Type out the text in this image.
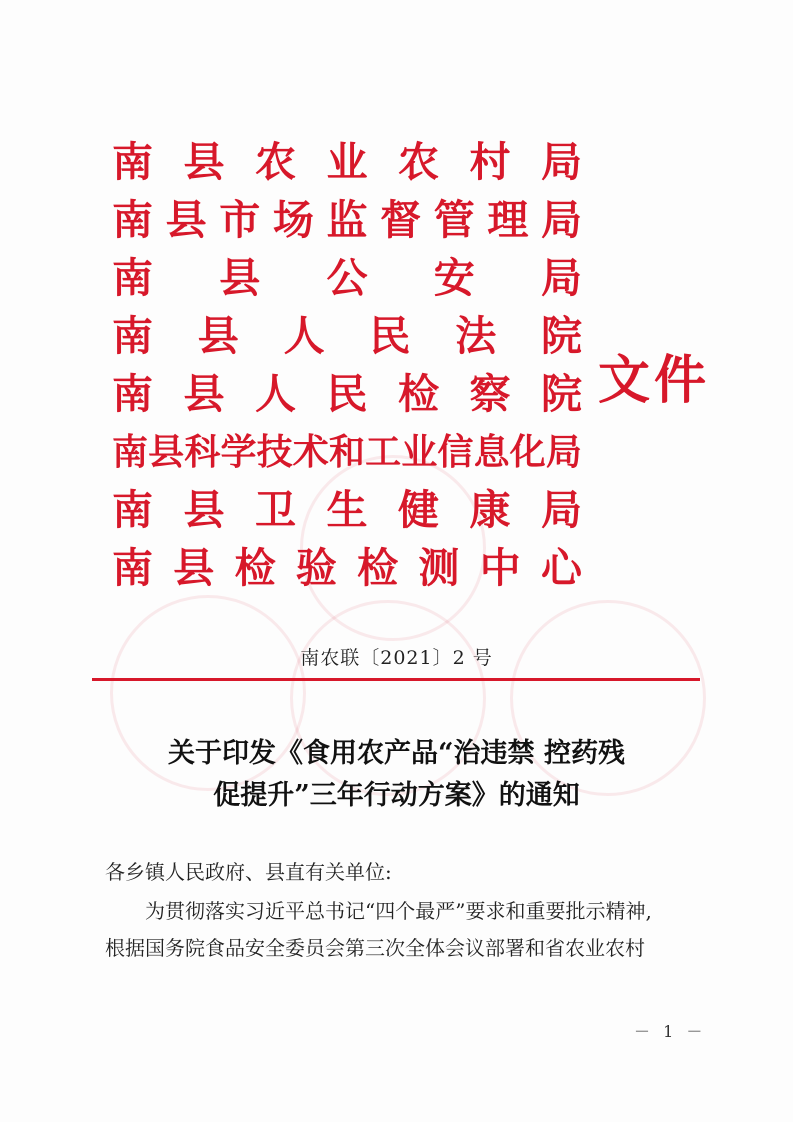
南 县 农 业 农 村 局
南 县 市 场 监 督 管 理 局
南 县 公 安 局
南 县 人 民 法 院
南 县 人 民 检 察 院
南 县 科 学 技 术 和 工 业 信 息 化 局
南 县 卫 生 健 康 局
南 县 检 验 检 测 中 心
文件
南农联〔2021〕2 号
关于印发《食用农产品“治违禁 控药残
促提升”三年行动方案》的通知
各乡镇人民政府、县直有关单位:

为贯彻落实习近平总书记“四个最严”要求和重要批示精神,

根据国务院食品安全委员会第三次全体会议部署和省农业农村

－ 1 －
